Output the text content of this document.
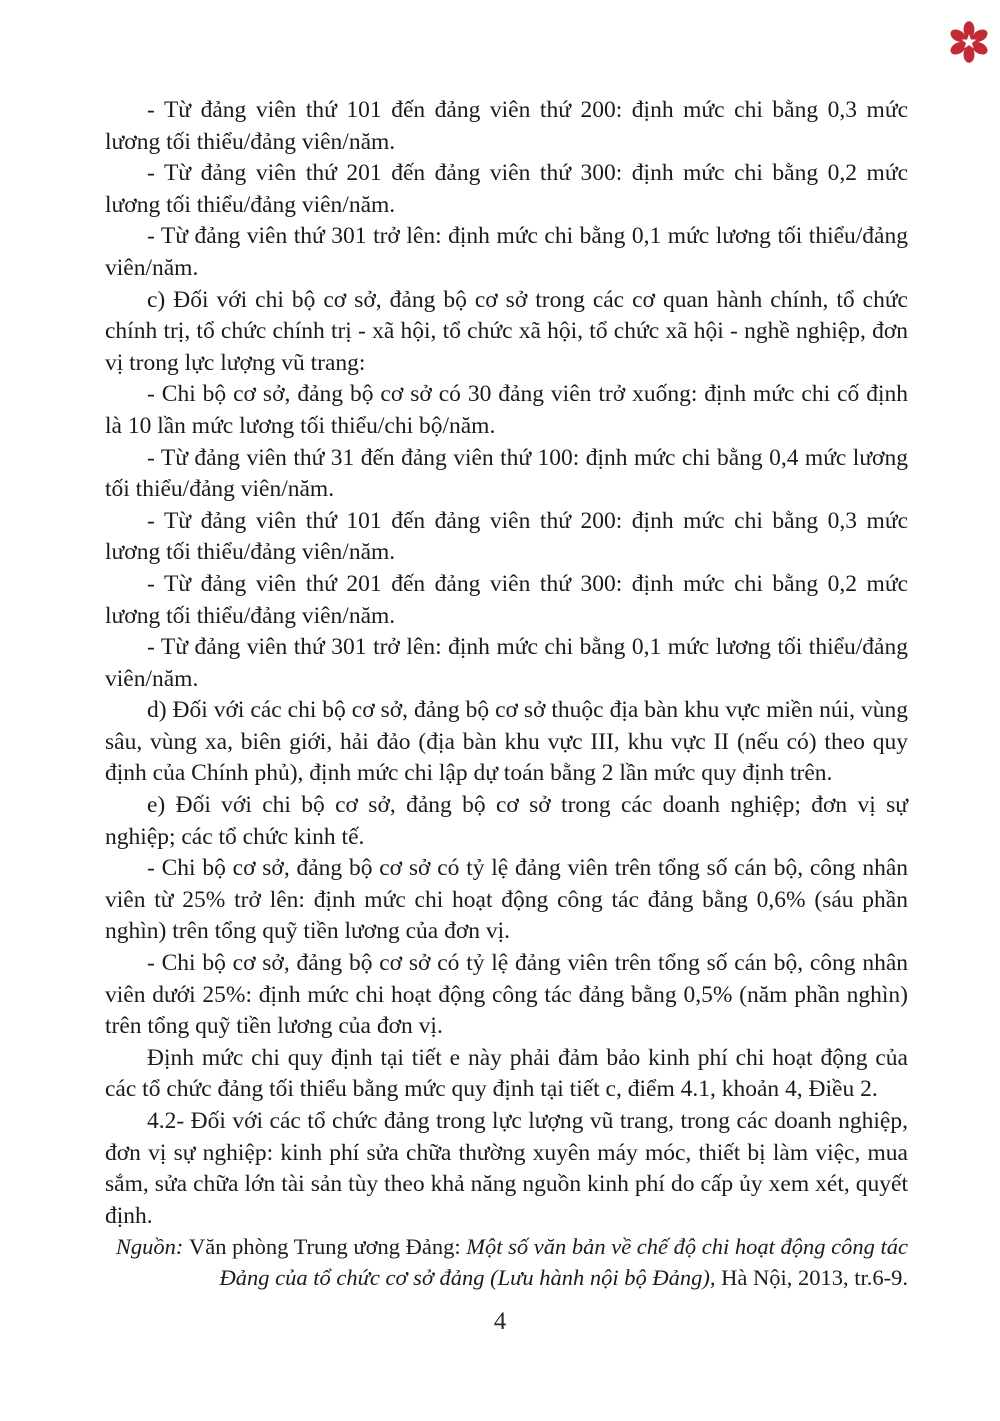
- Từ đảng viên thứ 101 đến đảng viên thứ 200: định mức chi bằng 0,3 mức lương tối thiểu/đảng viên/năm.

- Từ đảng viên thứ 201 đến đảng viên thứ 300: định mức chi bằng 0,2 mức lương tối thiểu/đảng viên/năm.

- Từ đảng viên thứ 301 trở lên: định mức chi bằng 0,1 mức lương tối thiểu/đảng viên/năm.

c) Đối với chi bộ cơ sở, đảng bộ cơ sở trong các cơ quan hành chính, tổ chức chính trị, tổ chức chính trị - xã hội, tổ chức xã hội, tổ chức xã hội - nghề nghiệp, đơn vị trong lực lượng vũ trang:

- Chi bộ cơ sở, đảng bộ cơ sở có 30 đảng viên trở xuống: định mức chi cố định là 10 lần mức lương tối thiểu/chi bộ/năm.

- Từ đảng viên thứ 31 đến đảng viên thứ 100: định mức chi bằng 0,4 mức lương tối thiểu/đảng viên/năm.

- Từ đảng viên thứ 101 đến đảng viên thứ 200: định mức chi bằng 0,3 mức lương tối thiểu/đảng viên/năm.

- Từ đảng viên thứ 201 đến đảng viên thứ 300: định mức chi bằng 0,2 mức lương tối thiểu/đảng viên/năm.

- Từ đảng viên thứ 301 trở lên: định mức chi bằng 0,1 mức lương tối thiểu/đảng viên/năm.

d) Đối với các chi bộ cơ sở, đảng bộ cơ sở thuộc địa bàn khu vực miền núi, vùng sâu, vùng xa, biên giới, hải đảo (địa bàn khu vực III, khu vực II (nếu có) theo quy định của Chính phủ), định mức chi lập dự toán bằng 2 lần mức quy định trên.

e) Đối với chi bộ cơ sở, đảng bộ cơ sở trong các doanh nghiệp; đơn vị sự nghiệp; các tổ chức kinh tế.

- Chi bộ cơ sở, đảng bộ cơ sở có tỷ lệ đảng viên trên tổng số cán bộ, công nhân viên từ 25% trở lên: định mức chi hoạt động công tác đảng bằng 0,6% (sáu phần nghìn) trên tổng quỹ tiền lương của đơn vị.

- Chi bộ cơ sở, đảng bộ cơ sở có tỷ lệ đảng viên trên tổng số cán bộ, công nhân viên dưới 25%: định mức chi hoạt động công tác đảng bằng 0,5% (năm phần nghìn) trên tổng quỹ tiền lương của đơn vị.

Định mức chi quy định tại tiết e này phải đảm bảo kinh phí chi hoạt động của các tổ chức đảng tối thiểu bằng mức quy định tại tiết c, điểm 4.1, khoản 4, Điều 2.

4.2- Đối với các tổ chức đảng trong lực lượng vũ trang, trong các doanh nghiệp, đơn vị sự nghiệp: kinh phí sửa chữa thường xuyên máy móc, thiết bị làm việc, mua sắm, sửa chữa lớn tài sản tùy theo khả năng nguồn kinh phí do cấp ủy xem xét, quyết định.

Nguồn: Văn phòng Trung ương Đảng: Một số văn bản về chế độ chi hoạt động công tác Đảng của tổ chức cơ sở đảng (Lưu hành nội bộ Đảng), Hà Nội, 2013, tr.6-9.

4
